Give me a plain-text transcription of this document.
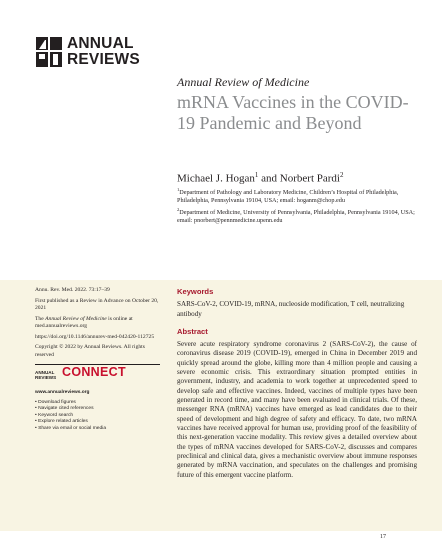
ANNUAL
REVIEWS
Annual Review of Medicine
mRNA Vaccines in the COVID-19 Pandemic and Beyond
Michael J. Hogan$^1$ and Norbert Pardi$^2$
$^1$Department of Pathology and Laboratory Medicine, Children’s Hospital of Philadelphia, Philadelphia, Pennsylvania 19104, USA; email: hoganm@chop.edu
$^2$Department of Medicine, University of Pennsylvania, Philadelphia, Pennsylvania 19104, USA; email: pnorbert@pennmedicine.upenn.edu

Annu. Rev. Med. 2022. 73:17–39

First published as a Review in Advance on October 20, 2021

The Annual Review of Medicine is online at med.annualreviews.org

https://doi.org/10.1146/annurev-med-042420-112725

Copyright © 2022 by Annual Reviews. All rights reserved

ANNUAL
REVIEWS CONNECT
www.annualreviews.org
• Download figures
• Navigate cited references
• Keyword search
• Explore related articles
• Share via email or social media
Keywords
SARS-CoV-2, COVID-19, mRNA, nucleoside modification, T cell, neutralizing antibody
Abstract
Severe acute respiratory syndrome coronavirus 2 (SARS-CoV-2), the cause of coronavirus disease 2019 (COVID-19), emerged in China in December 2019 and quickly spread around the globe, killing more than 4 million people and causing a severe economic crisis. This extraordinary situation prompted entities in government, industry, and academia to work together at unprecedented speed to develop safe and effective vaccines. Indeed, vaccines of multiple types have been generated in record time, and many have been evaluated in clinical trials. Of these, messenger RNA (mRNA) vaccines have emerged as lead candidates due to their speed of development and high degree of safety and efficacy. To date, two mRNA vaccines have received approval for human use, providing proof of the feasibility of this next-generation vaccine modality. This review gives a detailed overview about the types of mRNA vaccines developed for SARS-CoV-2, discusses and compares preclinical and clinical data, gives a mechanistic overview about immune responses generated by mRNA vaccination, and speculates on the challenges and promising future of this emergent vaccine platform.
17
